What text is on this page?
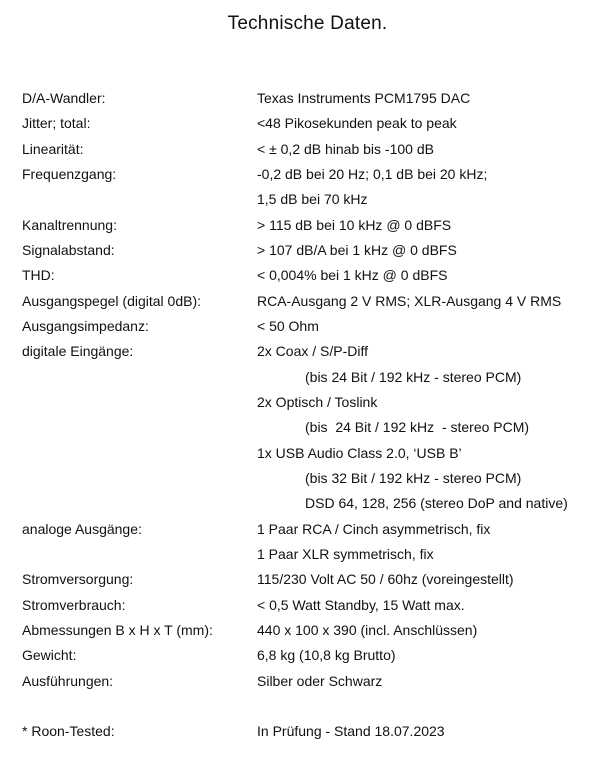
Technische Daten.
D/A-Wandler:	Texas Instruments PCM1795 DAC
Jitter; total:	<48 Pikosekunden peak to peak
Linearität:	< ± 0,2 dB hinab bis -100 dB
Frequenzgang:	-0,2 dB bei 20 Hz; 0,1 dB bei 20 kHz;
1,5 dB bei 70 kHz
Kanaltrennung:	> 115 dB bei 10 kHz @ 0 dBFS
Signalabstand:	> 107 dB/A bei 1 kHz @ 0 dBFS
THD:	< 0,004% bei 1 kHz @ 0 dBFS
Ausgangspegel (digital 0dB):	RCA-Ausgang 2 V RMS; XLR-Ausgang 4 V RMS
Ausgangsimpedanz:	< 50 Ohm
digitale Eingänge:	2x Coax / S/P-Diff
(bis 24 Bit / 192 kHz - stereo PCM)
2x Optisch / Toslink
(bis  24 Bit / 192 kHz  - stereo PCM)
1x USB Audio Class 2.0, ‘USB B’
(bis 32 Bit / 192 kHz - stereo PCM)
DSD 64, 128, 256 (stereo DoP and native)
analoge Ausgänge:	1 Paar RCA / Cinch asymmetrisch, fix
1 Paar XLR symmetrisch, fix
Stromversorgung:	115/230 Volt AC 50 / 60hz (voreingestellt)
Stromverbrauch:	< 0,5 Watt Standby, 15 Watt max.
Abmessungen B x H x T (mm):	440 x 100 x 390 (incl. Anschlüssen)
Gewicht:	6,8 kg (10,8 kg Brutto)
Ausführungen:	Silber oder Schwarz
* Roon-Tested:	In Prüfung - Stand 18.07.2023
